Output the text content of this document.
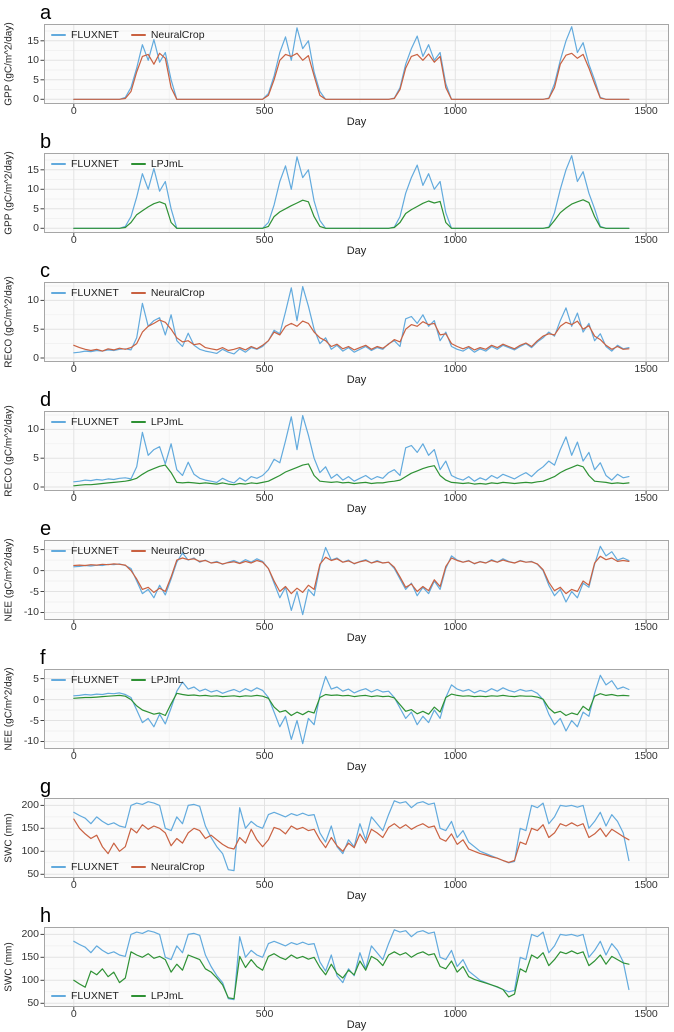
a
GPP (gC/m^2/day) 0
5
10
15	FLUXNET	NeuralCrop
0	500	1000	1500
Day
b
GPP (gC/m^2/day) 0
5
10
15	FLUXNET	LPJmL
0	500	1000	1500
Day
c
RECO (gC/m^2/day) 0
5
10
FLUXNET	NeuralCrop
0	500	1000	1500
Day
d
RECO (gC/m^2/day) 0
5
10
FLUXNET	LPJmL
0	500	1000	1500
Day
e
NEE (gC/m^2/day) -10
-5
0
5	FLUXNET	NeuralCrop
0	500	1000	1500
Day
f
NEE (gC/m^2/day) -10
-5
0
5	FLUXNET	LPJmL
0	500	1000	1500
Day
g
SWC (mm)
50
100
150
200
FLUXNET	NeuralCrop
0	500	1000	1500
Day
h
SWC (mm)
50
100
150
200
FLUXNET	LPJmL
0	500	1000	1500
Day
